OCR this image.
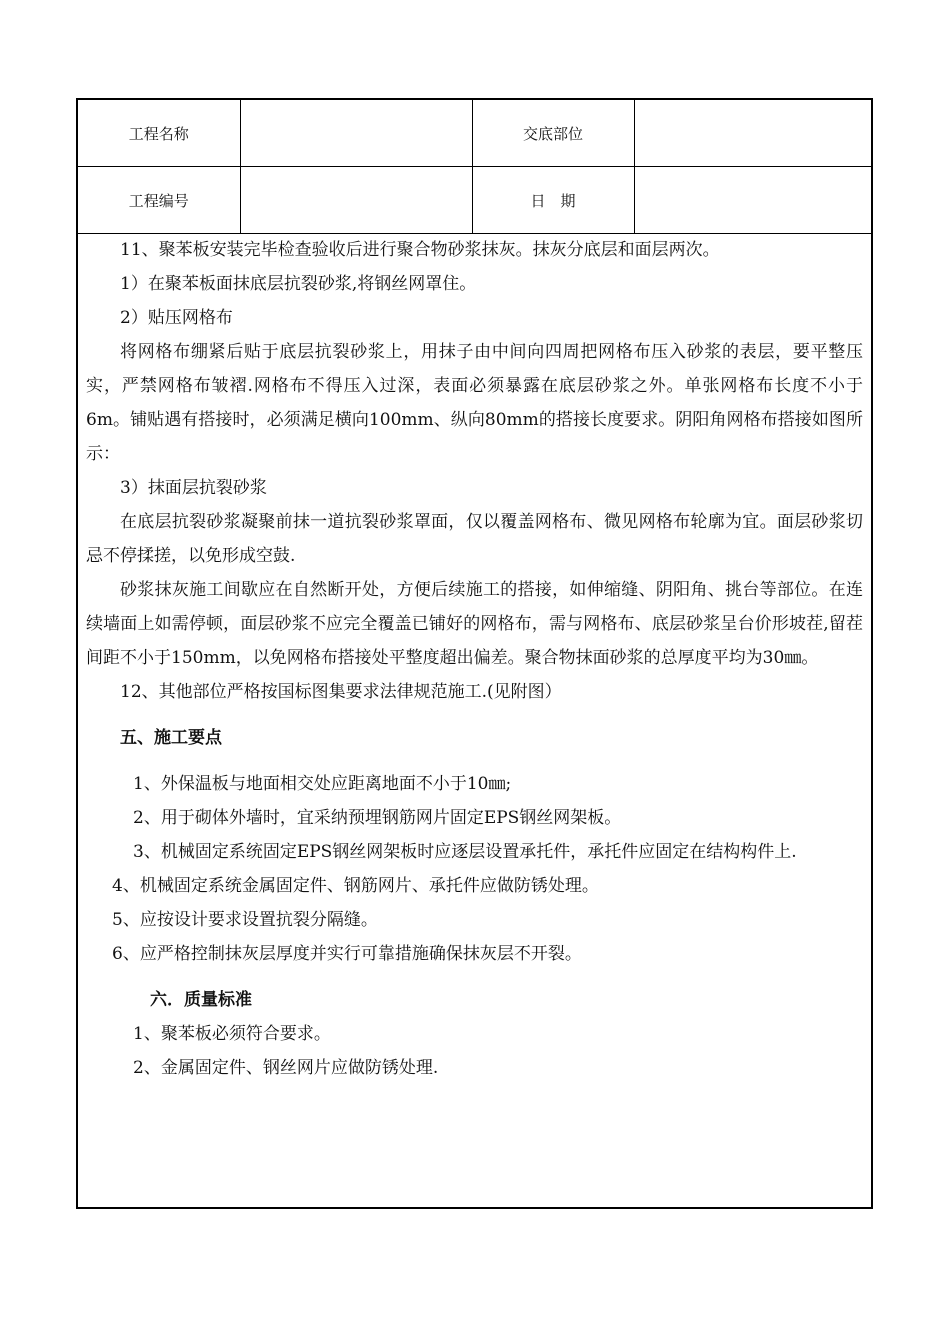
工程名称		交底部位	
工程编号		日　期	
11、聚苯板安装完毕检查验收后进行聚合物砂浆抹灰。抹灰分底层和面层两次。
1）在聚苯板面抹底层抗裂砂浆,将钢丝网罩住。
2）贴压网格布
将网格布绷紧后贴于底层抗裂砂浆上，用抹子由中间向四周把网格布压入砂浆的表层，要平整压实，严禁网格布皱褶.网格布不得压入过深，表面必须暴露在底层砂浆之外。单张网格布长度不小于6m。铺贴遇有搭接时，必须满足横向100mm、纵向80mm的搭接长度要求。阴阳角网格布搭接如图所示：
3）抹面层抗裂砂浆
在底层抗裂砂浆凝聚前抹一道抗裂砂浆罩面，仅以覆盖网格布、微见网格布轮廓为宜。面层砂浆切忌不停揉搓，以免形成空鼓.
砂浆抹灰施工间歇应在自然断开处，方便后续施工的搭接，如伸缩缝、阴阳角、挑台等部位。在连续墙面上如需停顿，面层砂浆不应完全覆盖已铺好的网格布，需与网格布、底层砂浆呈台价形坡茬,留茬间距不小于150mm，以免网格布搭接处平整度超出偏差。聚合物抹面砂浆的总厚度平均为30㎜。
12、其他部位严格按国标图集要求法律规范施工.(见附图）
五、施工要点
1、外保温板与地面相交处应距离地面不小于10㎜;
2、用于砌体外墙时，宜采纳预埋钢筋网片固定EPS钢丝网架板。
3、机械固定系统固定EPS钢丝网架板时应逐层设置承托件，承托件应固定在结构构件上.
4、机械固定系统金属固定件、钢筋网片、承托件应做防锈处理。
5、应按设计要求设置抗裂分隔缝。
6、应严格控制抹灰层厚度并实行可靠措施确保抹灰层不开裂。
六．质量标准
1、聚苯板必须符合要求。
2、金属固定件、钢丝网片应做防锈处理.
